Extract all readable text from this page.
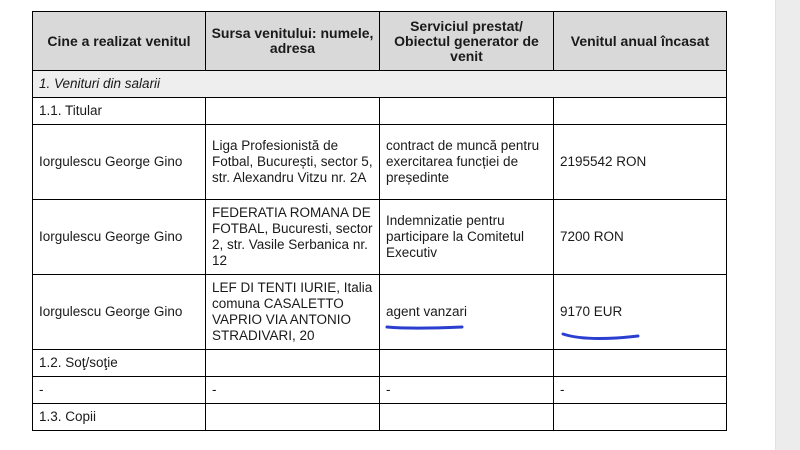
Cine a realizat venitul	Sursa venitului: numele, adresa	Serviciul prestat/ Obiectul generator de venit	Venitul anual încasat
1. Venituri din salarii			
1.1. Titular			
Iorgulescu George Gino	Liga Profesionistă de Fotbal, București, sector 5, str. Alexandru Vitzu nr. 2A	contract de muncă pentru exercitarea funcției de președinte	2195542 RON
Iorgulescu George Gino	FEDERATIA ROMANA DE FOTBAL, Bucuresti, sector 2, str. Vasile Serbanica nr. 12	Indemnizatie pentru participare la Comitetul Executiv	7200 RON
Iorgulescu George Gino	LEF DI TENTI IURIE, Italia comuna CASALETTO VAPRIO VIA ANTONIO STRADIVARI, 20	agent vanzari	9170 EUR
1.2. Soţ/soţie			
-	-	-	-
1.3. Copii			
